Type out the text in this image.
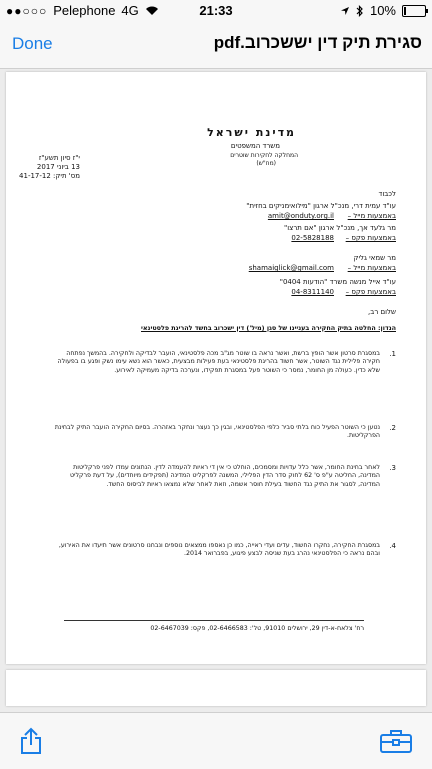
●●○○○ Pelephone 4G	21:33	10%
Done	סגירת תיק דין יששכרוב.pdf
מדינת ישראל
משרד המשפטים
המחלקה לחקירות שוטרים
(מח"ש)
י"ז סיון תשע"ז
13 ביוני 2017
מס' תיק: 41-17-12
לכבוד
עו"ד עמית דרי, מנכ"ל ארגון "מילואימניקים בחזית"
באמצעות מייל –
amit@onduty.org.il
מר גלעד אך, מנכ"ל ארגון "אם תרצו"
באמצעות פקס –
02-5828188
מר שמאי גליק
באמצעות מייל –
shamaiglick@gmail.com
עו"ד אייל מנשה משרד "הודעות 0404"
באמצעות פקס –
04-8311140
שלום רב,
הנדון: החלטה בתיק החקירה בעניינו של סגן (מיל') דין ישכרוב בחשד להריגת פלסטינאי
1.
במסגרת סרטון אשר הופץ ברשת, ואשר נראה בו שוטר מג"ב מכה פלסטינאי, הועבר לבדיקה ולחקירה. בהמשך נפתחה חקירה פלילית נגד השוטר, אשר חשוד בהריגת פלסטינאי בעת פעילות מבצעית, כאשר הוא נשא עימו נשק ופגע בו בפעולה שלא כדין. כעולה מן החומר, נמסר כי השוטר פעל במסגרת תפקידו, ונערכה בדיקה מעמיקה לאירוע.
2.
נטען כי השוטר הפעיל כוח בלתי סביר כלפי הפלסטינאי, ובגין כך נעצר ונחקר באזהרה. בסיום החקירה הועבר התיק לבחינת הפרקליטות.
3.
לאחר בחינת החומר, אשר כלל עדויות ומסמכים, הוחלט כי אין די ראיות להעמדה לדין. הנתונים עמדו לפני פרקליטות המדינה, החליטה ע"פ ס' 62 לחוק סדר הדין הפלילי, המשנה לפרקליט המדינה (תפקידים מיוחדים), על דעת פרקליט המדינה, לסגור את התיק נגד החשוד בעילת חוסר אשמה, וזאת לאחר שלא נמצאו ראיות לביסוס החשד.
4.
במסגרת החקירה, נחקרו החשוד, עדים ועדי ראייה, כמו כן נאספו ממצאים נוספים ונבחנו סרטונים אשר תיעדו את האירוע, ובהם נראה כי הפלסטינאי נהרג בעת שניסה לבצע פיגוע, בפברואר 2014.
רח' צלאח-א-דין 29, ירושלים 91010, טל': 02-6466583, פקס: 02-6467039
